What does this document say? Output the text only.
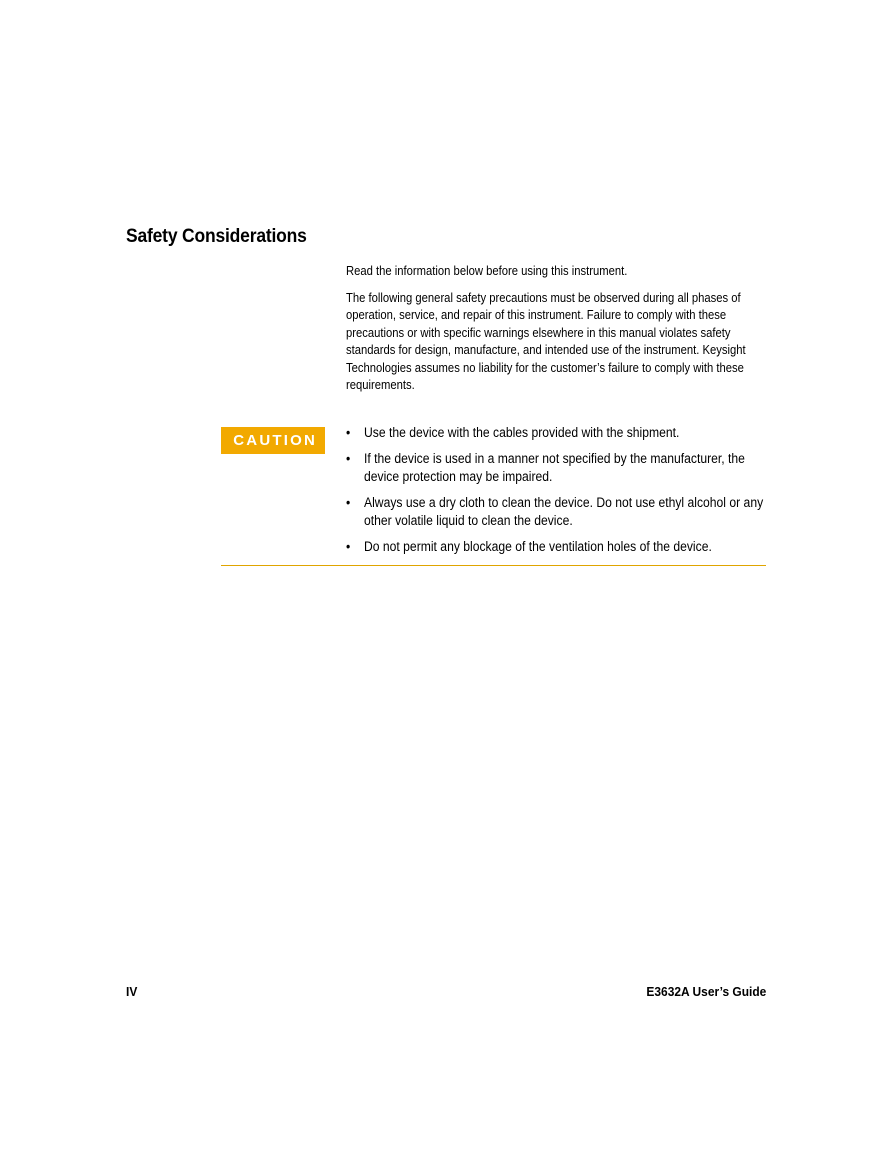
Safety Considerations

Read the information below before using this instrument.

The following general safety precautions must be observed during all phases of operation, service, and repair of this instrument. Failure to comply with these precautions or with specific warnings elsewhere in this manual violates safety standards for design, manufacture, and intended use of the instrument. Keysight Technologies assumes no liability for the customer’s failure to comply with these requirements.

CAUTION	• Use the device with the cables provided with the shipment.
• If the device is used in a manner not specified by the manufacturer, the device protection may be impaired.
• Always use a dry cloth to clean the device. Do not use ethyl alcohol or any other volatile liquid to clean the device.
• Do not permit any blockage of the ventilation holes of the device.
IV	E3632A User’s Guide
